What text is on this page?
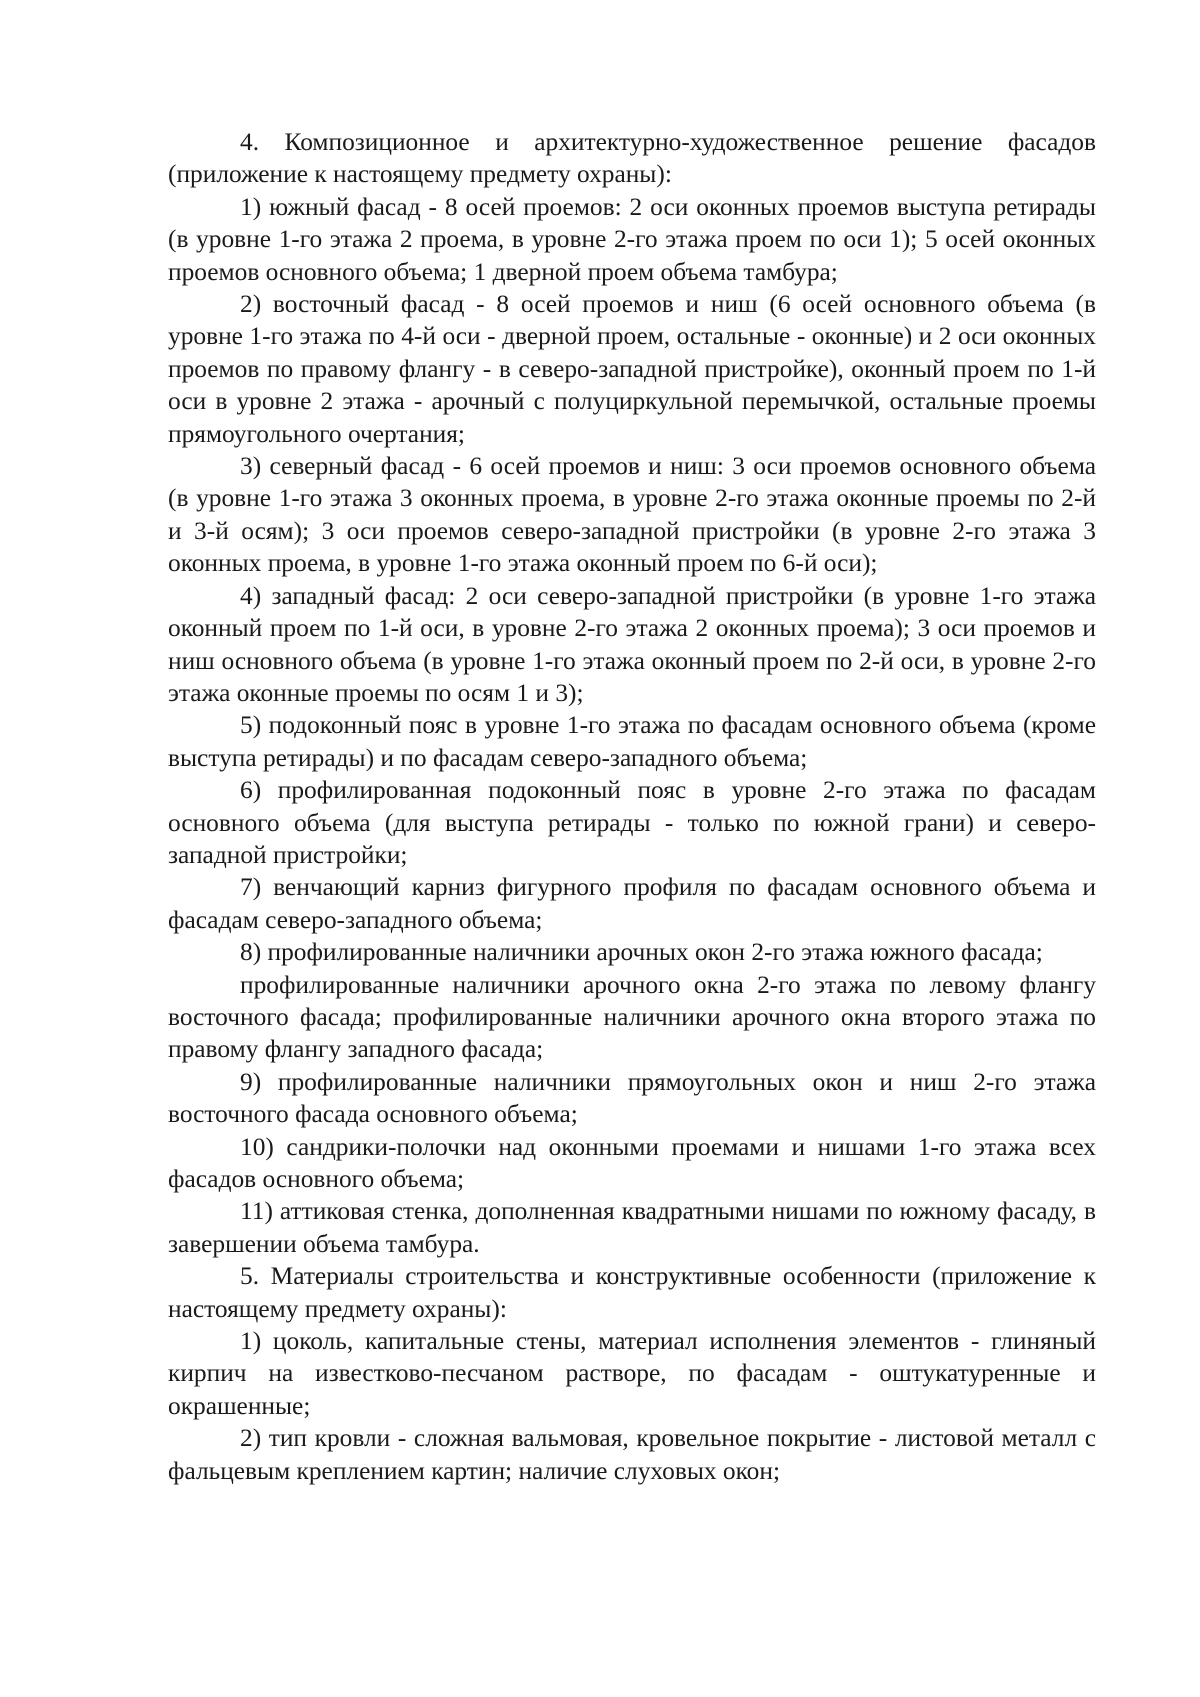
4. Композиционное и архитектурно-художественное решение фасадов (приложение к настоящему предмету охраны):

1) южный фасад - 8 осей проемов: 2 оси оконных проемов выступа ретирады (в уровне 1-го этажа 2 проема, в уровне 2-го этажа проем по оси 1); 5 осей оконных проемов основного объема; 1 дверной проем объема тамбура;

2) восточный фасад - 8 осей проемов и ниш (6 осей основного объема (в уровне 1-го этажа по 4-й оси - дверной проем, остальные - оконные) и 2 оси оконных проемов по правому флангу - в северо-западной пристройке), оконный проем по 1-й оси в уровне 2 этажа - арочный с полуциркульной перемычкой, остальные проемы прямоугольного очертания;

3) северный фасад - 6 осей проемов и ниш: 3 оси проемов основного объема (в уровне 1-го этажа 3 оконных проема, в уровне 2-го этажа оконные проемы по 2-й и 3-й осям); 3 оси проемов северо-западной пристройки (в уровне 2-го этажа 3 оконных проема, в уровне 1-го этажа оконный проем по 6-й оси);

4) западный фасад: 2 оси северо-западной пристройки (в уровне 1-го этажа оконный проем по 1-й оси, в уровне 2-го этажа 2 оконных проема); 3 оси проемов и ниш основного объема (в уровне 1-го этажа оконный проем по 2-й оси, в уровне 2-го этажа оконные проемы по осям 1 и 3);

5) подоконный пояс в уровне 1-го этажа по фасадам основного объема (кроме выступа ретирады) и по фасадам северо-западного объема;

6) профилированная подоконный пояс в уровне 2-го этажа по фасадам основного объема (для выступа ретирады - только по южной грани) и северо-западной пристройки;

7) венчающий карниз фигурного профиля по фасадам основного объема и фасадам северо-западного объема;

8) профилированные наличники арочных окон 2-го этажа южного фасада;

профилированные наличники арочного окна 2-го этажа по левому флангу восточного фасада; профилированные наличники арочного окна второго этажа по правому флангу западного фасада;

9) профилированные наличники прямоугольных окон и ниш 2-го этажа восточного фасада основного объема;

10) сандрики-полочки над оконными проемами и нишами 1-го этажа всех фасадов основного объема;

11) аттиковая стенка, дополненная квадратными нишами по южному фасаду, в завершении объема тамбура.

5. Материалы строительства и конструктивные особенности (приложение к настоящему предмету охраны):

1) цоколь, капитальные стены, материал исполнения элементов - глиняный кирпич на известково-песчаном растворе, по фасадам - оштукатуренные и окрашенные;

2) тип кровли - сложная вальмовая, кровельное покрытие - листовой металл с фальцевым креплением картин; наличие слуховых окон;
